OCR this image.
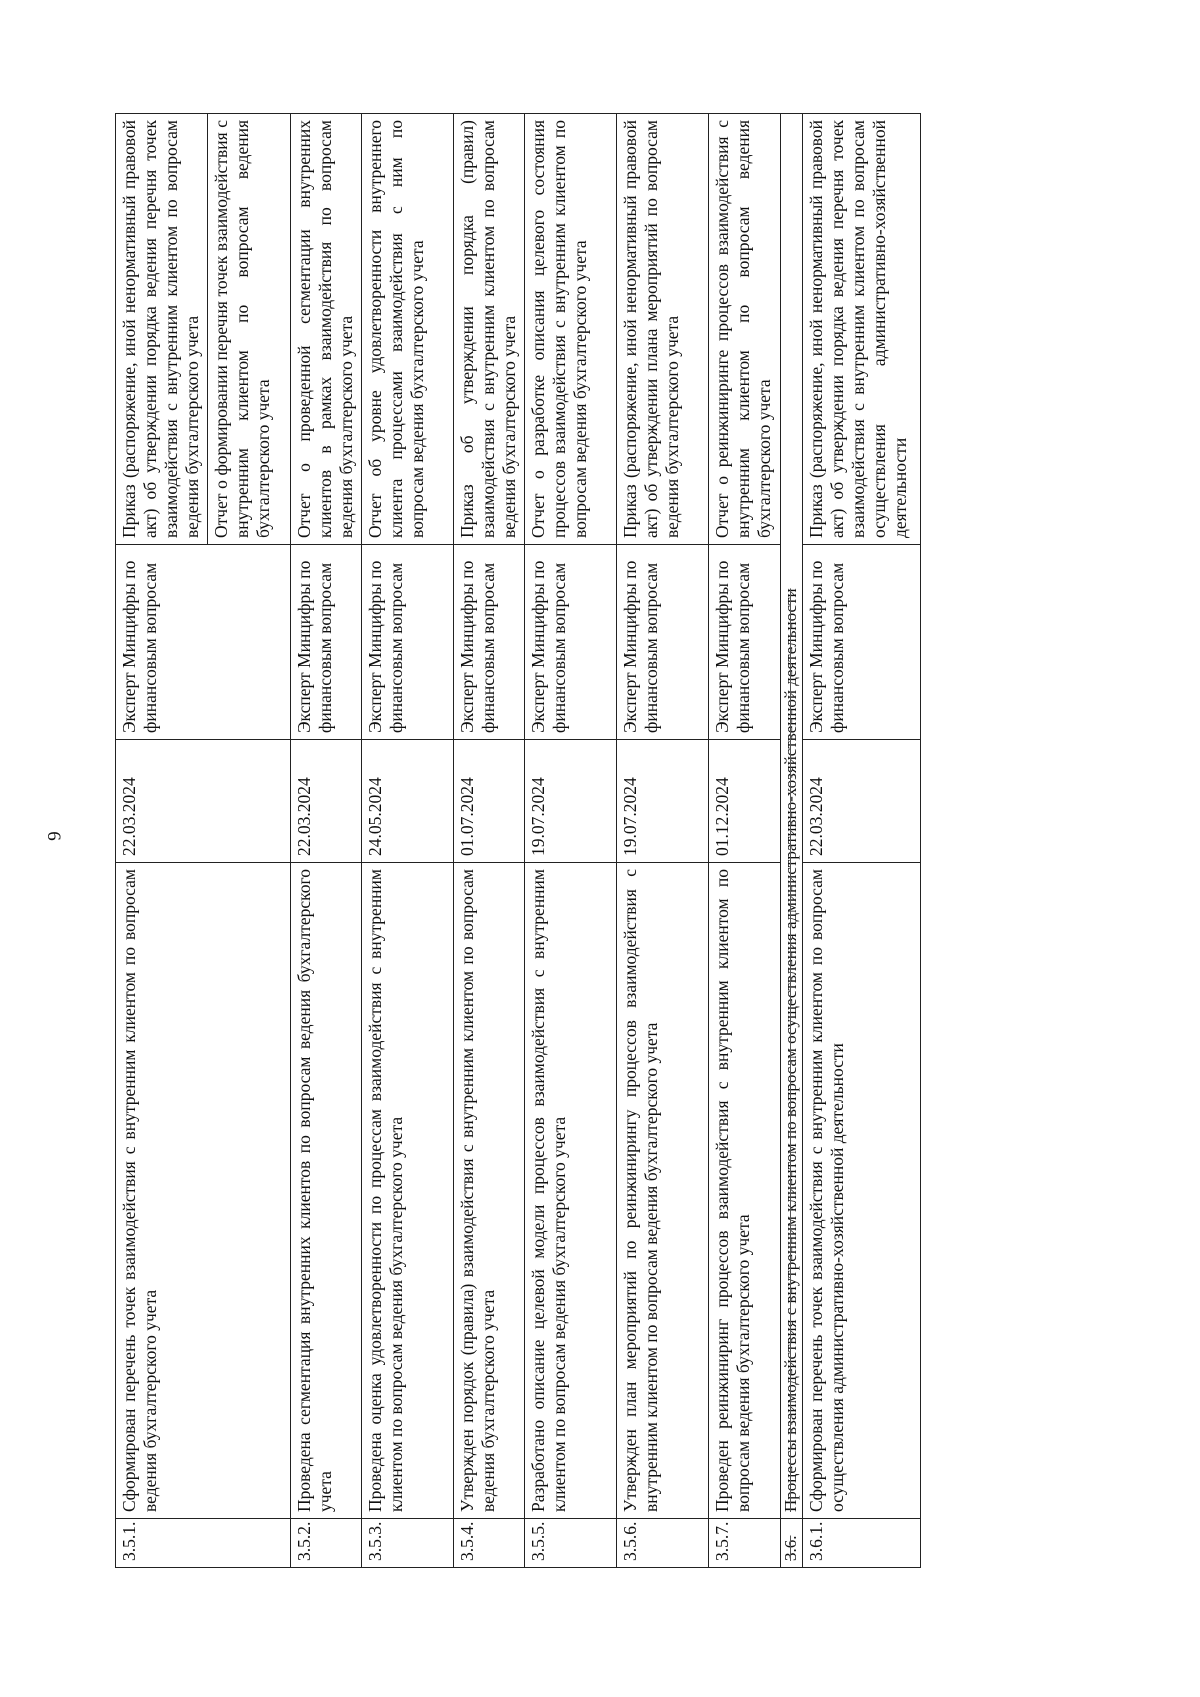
6
3.5.1.	Сформирован перечень точек взаимодействия с внутренним клиентом по вопросам ведения бухгалтерского учета	22.03.2024	Эксперт Минцифры по финансовым вопросам	Приказ (распоряжение, иной ненормативный правовой акт) об утверждении порядка ведения перечня точек взаимодействия с внутренним клиентом по вопросам ведения бухгалтерского учета Отчет о формировании перечня точек взаимодействия с внутренним клиентом по вопросам ведения бухгалтерского учета

3.5.2.	Проведена сегментация внутренних клиентов по вопросам ведения бухгалтерского учета	22.03.2024	Эксперт Минцифры по финансовым вопросам	Отчет о проведенной сегментации внутренних клиентов в рамках взаимодействия по вопросам ведения бухгалтерского учета
3.5.3.	Проведена оценка удовлетворенности по процессам взаимодействия с внутренним клиентом по вопросам ведения бухгалтерского учета	24.05.2024	Эксперт Минцифры по финансовым вопросам	Отчет об уровне удовлетворенности внутреннего клиента процессами взаимодействия с ним по вопросам ведения бухгалтерского учета
3.5.4.	Утвержден порядок (правила) взаимодействия с внутренним клиентом по вопросам ведения бухгалтерского учета	01.07.2024	Эксперт Минцифры по финансовым вопросам	Приказ об утверждении порядка (правил) взаимодействия с внутренним клиентом по вопросам ведения бухгалтерского учета
3.5.5.	Разработано описание целевой модели процессов взаимодействия с внутренним клиентом по вопросам ведения бухгалтерского учета	19.07.2024	Эксперт Минцифры по финансовым вопросам	Отчет о разработке описания целевого состояния процессов взаимодействия с внутренним клиентом по вопросам ведения бухгалтерского учета
3.5.6.	Утвержден план мероприятий по реинжинирингу процессов взаимодействия с внутренним клиентом по вопросам ведения бухгалтерского учета	19.07.2024	Эксперт Минцифры по финансовым вопросам	Приказ (распоряжение, иной ненормативный правовой акт) об утверждении плана мероприятий по вопросам ведения бухгалтерского учета
3.5.7.	Проведен реинжиниринг процессов взаимодействия с внутренним клиентом по вопросам ведения бухгалтерского учета	01.12.2024	Эксперт Минцифры по финансовым вопросам	Отчет о реинжиниринге процессов взаимодействия с внутренним клиентом по вопросам ведения бухгалтерского учета
3.6.	Процессы взаимодействия с внутренним клиентом по вопросам осуществления административно-хозяйственной деятельности			
3.6.1.	Сформирован перечень точек взаимодействия с внутренним клиентом по вопросам осуществления административно-хозяйственной деятельности	22.03.2024	Эксперт Минцифры по финансовым вопросам	Приказ (распоряжение, иной ненормативный правовой акт) об утверждении порядка ведения перечня точек взаимодействия с внутренним клиентом по вопросам осуществления административно-хозяйственной деятельности
